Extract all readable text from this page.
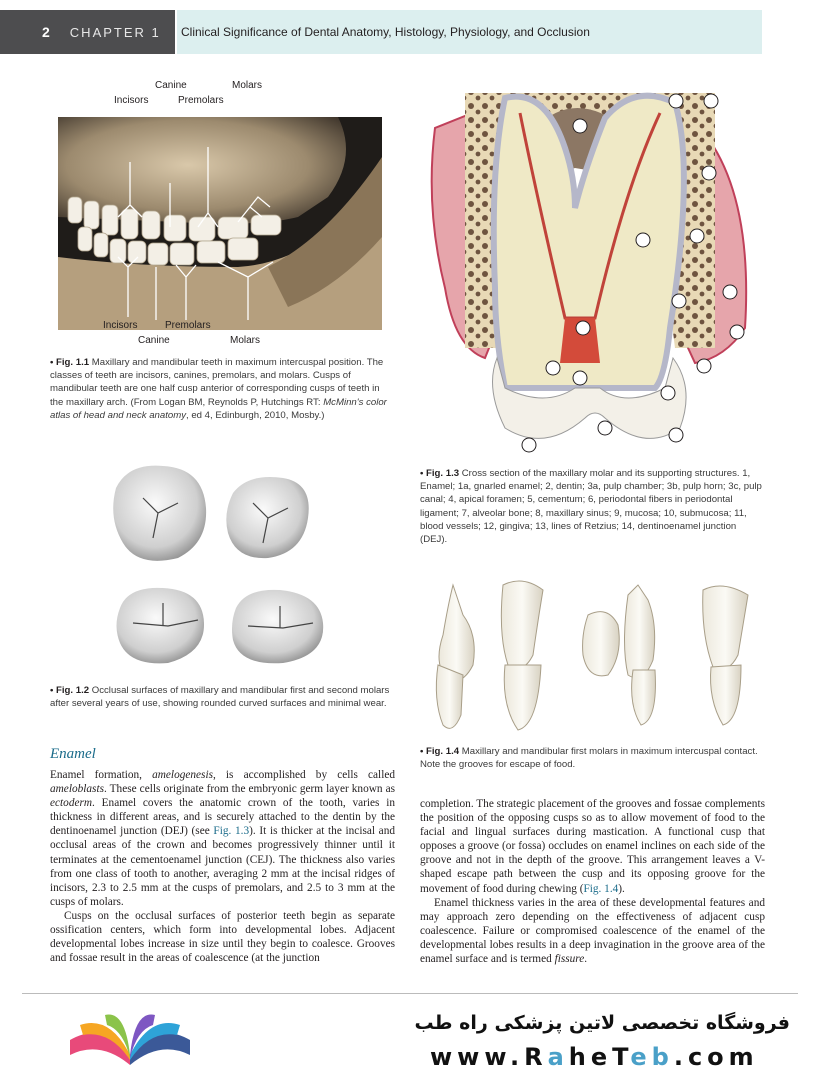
2 CHAPTER 1	Clinical Significance of Dental Anatomy, Histology, Physiology, and Occlusion
Canine	Molars
Incisors	Premolars
Incisors	Premolars
Canine	Molars
• Fig. 1.1 Maxillary and mandibular teeth in maximum intercuspal position. The classes of teeth are incisors, canines, premolars, and molars. Cusps of mandibular teeth are one half cusp anterior of corresponding cusps of teeth in the maxillary arch. (From Logan BM, Reynolds P, Hutchings RT: McMinn's color atlas of head and neck anatomy, ed 4, Edinburgh, 2010, Mosby.)
• Fig. 1.2 Occlusal surfaces of maxillary and mandibular first and second molars after several years of use, showing rounded curved surfaces and minimal wear.
• Fig. 1.3 Cross section of the maxillary molar and its supporting structures. 1, Enamel; 1a, gnarled enamel; 2, dentin; 3a, pulp chamber; 3b, pulp horn; 3c, pulp canal; 4, apical foramen; 5, cementum; 6, periodontal fibers in periodontal ligament; 7, alveolar bone; 8, maxillary sinus; 9, mucosa; 10, submucosa; 11, blood vessels; 12, gingiva; 13, lines of Retzius; 14, dentinoenamel junction (DEJ).
• Fig. 1.4 Maxillary and mandibular first molars in maximum intercuspal contact. Note the grooves for escape of food.
Enamel

Enamel formation, amelogenesis, is accomplished by cells called ameloblasts. These cells originate from the embryonic germ layer known as ectoderm. Enamel covers the anatomic crown of the tooth, varies in thickness in different areas, and is securely attached to the dentin by the dentinoenamel junction (DEJ) (see Fig. 1.3). It is thicker at the incisal and occlusal areas of the crown and becomes progressively thinner until it terminates at the cementoenamel junction (CEJ). The thickness also varies from one class of tooth to another, averaging 2 mm at the incisal ridges of incisors, 2.3 to 2.5 mm at the cusps of premolars, and 2.5 to 3 mm at the cusps of molars.

Cusps on the occlusal surfaces of posterior teeth begin as separate ossification centers, which form into developmental lobes. Adjacent developmental lobes increase in size until they begin to coalesce. Grooves and fossae result in the areas of coalescence (at the junction

completion. The strategic placement of the grooves and fossae complements the position of the opposing cusps so as to allow movement of food to the facial and lingual surfaces during mastication. A functional cusp that opposes a groove (or fossa) occludes on enamel inclines on each side of the groove and not in the depth of the groove. This arrangement leaves a V-shaped escape path between the cusp and its opposing groove for the movement of food during chewing (Fig. 1.4).

Enamel thickness varies in the area of these developmental features and may approach zero depending on the effectiveness of adjacent cusp coalescence. Failure or compromised coalescence of the enamel of the developmental lobes results in a deep invagination in the groove area of the enamel surface and is termed fissure.

فروشگاه تخصصی لاتین پزشکی راه طب
www.RaheTeb.com
